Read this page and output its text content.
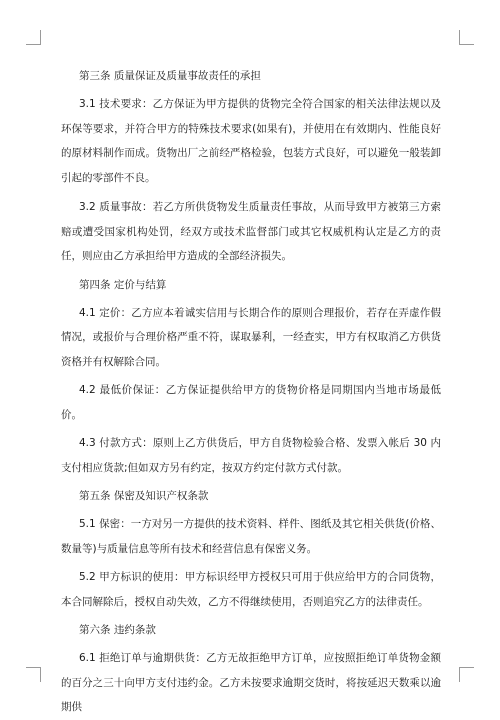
第三条 质量保证及质量事故责任的承担

3.1 技术要求：乙方保证为甲方提供的货物完全符合国家的相关法律法规以及环保等要求，并符合甲方的特殊技术要求(如果有)，并使用在有效期内、性能良好的原材料制作而成。货物出厂之前经严格检验，包装方式良好，可以避免一般装卸引起的零部件不良。

3.2 质量事故：若乙方所供货物发生质量责任事故，从而导致甲方被第三方索赔或遭受国家机构处罚，经双方或技术监督部门或其它权威机构认定是乙方的责任，则应由乙方承担给甲方造成的全部经济损失。

第四条 定价与结算

4.1 定价：乙方应本着诚实信用与长期合作的原则合理报价，若存在弄虚作假情况，或报价与合理价格严重不符，谋取暴利，一经查实，甲方有权取消乙方供货资格并有权解除合同。

4.2 最低价保证：乙方保证提供给甲方的货物价格是同期国内当地市场最低价。

4.3 付款方式：原则上乙方供货后，甲方自货物检验合格、发票入帐后 30 内支付相应货款;但如双方另有约定，按双方约定付款方式付款。

第五条 保密及知识产权条款

5.1 保密：一方对另一方提供的技术资料、样件、图纸及其它相关供货(价格、数量等)与质量信息等所有技术和经营信息有保密义务。

5.2 甲方标识的使用：甲方标识经甲方授权只可用于供应给甲方的合同货物，本合同解除后，授权自动失效，乙方不得继续使用，否则追究乙方的法律责任。

第六条 违约条款

6.1 拒绝订单与逾期供货：乙方无故拒绝甲方订单，应按照拒绝订单货物金额的百分之三十向甲方支付违约金。乙方未按要求逾期交货时，将按延迟天数乘以逾期供
